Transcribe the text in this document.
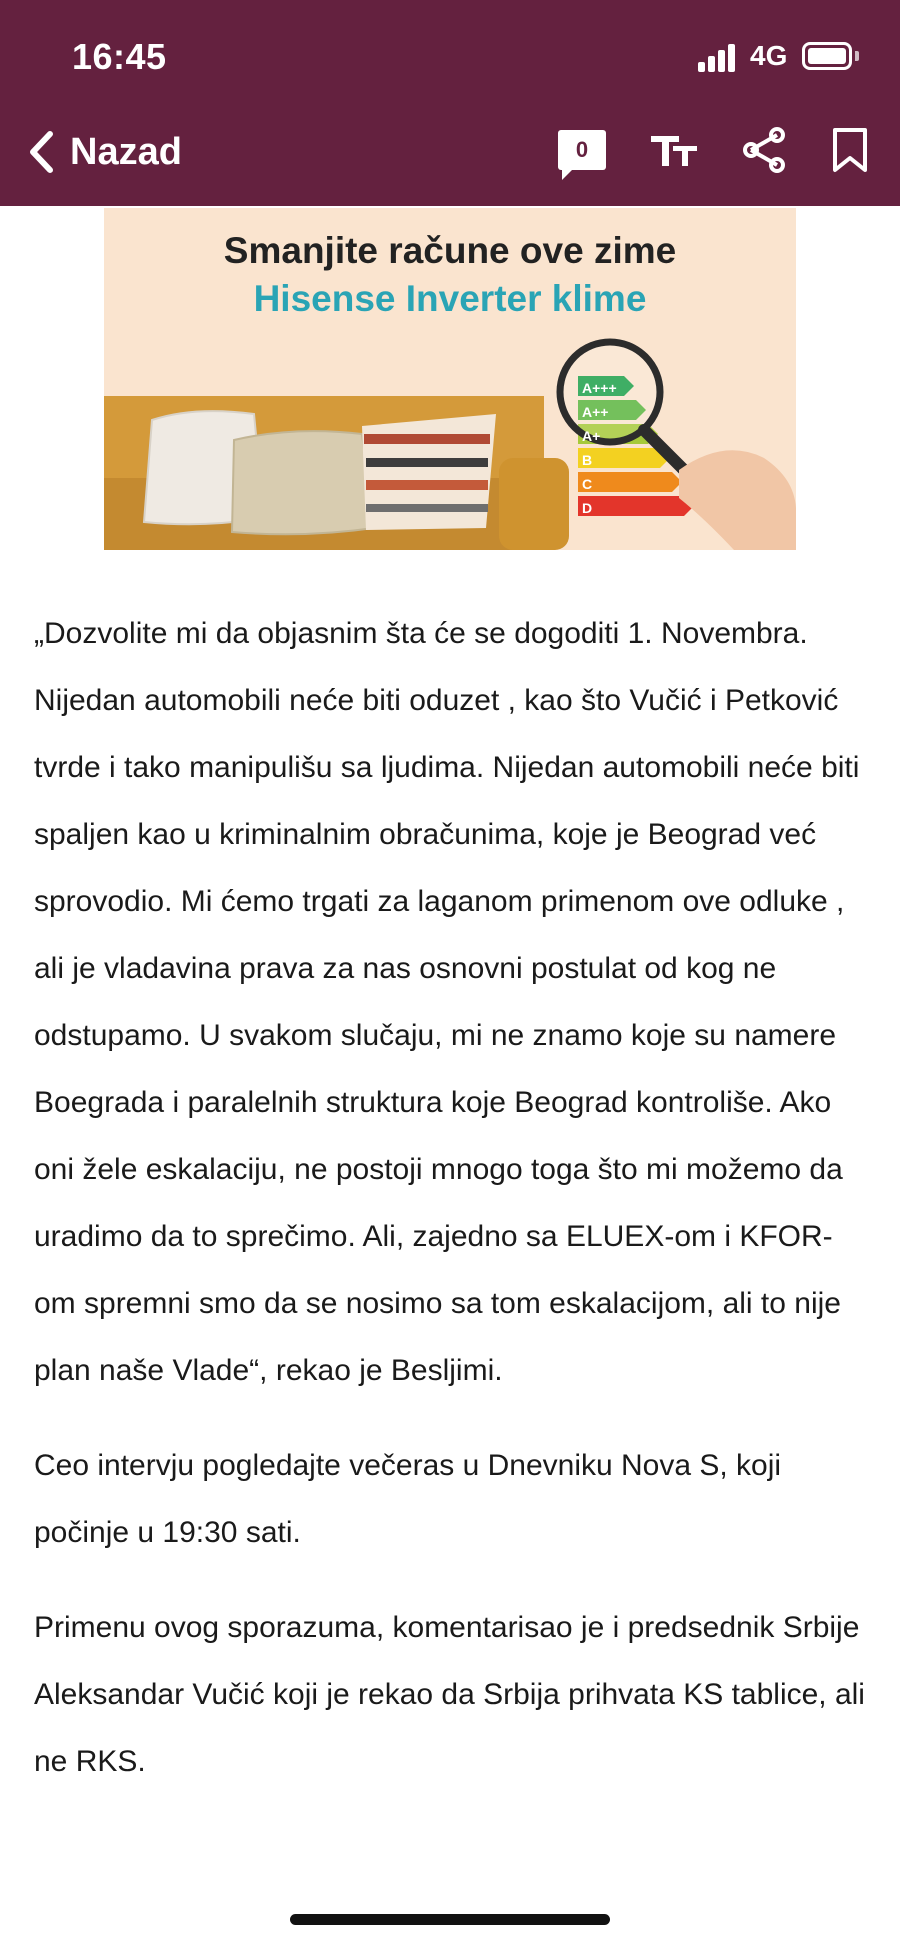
16:45	4G
Nazad	0
Smanjite račune ove zime
Hisense Inverter klime
A+++
A++
A+
B
C
D

„Dozvolite mi da objasnim šta će se dogoditi 1. Novembra. Nijedan automobili neće biti oduzet , kao što Vučić i Petković tvrde i tako manipulišu sa ljudima. Nijedan automobili neće biti spaljen kao u kriminalnim obračunima, koje je Beograd već sprovodio. Mi ćemo trgati za laganom primenom ove odluke , ali je vladavina prava za nas osnovni postulat od kog ne odstupamo. U svakom slučaju, mi ne znamo koje su namere Boegrada i paralelnih struktura koje Beograd kontroliše. Ako oni žele eskalaciju, ne postoji mnogo toga što mi možemo da uradimo da to sprečimo. Ali, zajedno sa ELUEX-om i KFOR-om spremni smo da se nosimo sa tom eskalacijom, ali to nije plan naše Vlade“, rekao je Besljimi.

Ceo intervju pogledajte večeras u Dnevniku Nova S, koji počinje u 19:30 sati.

Primenu ovog sporazuma, komentarisao je i predsednik Srbije Aleksandar Vučić koji je rekao da Srbija prihvata KS tablice, ali ne RKS.
